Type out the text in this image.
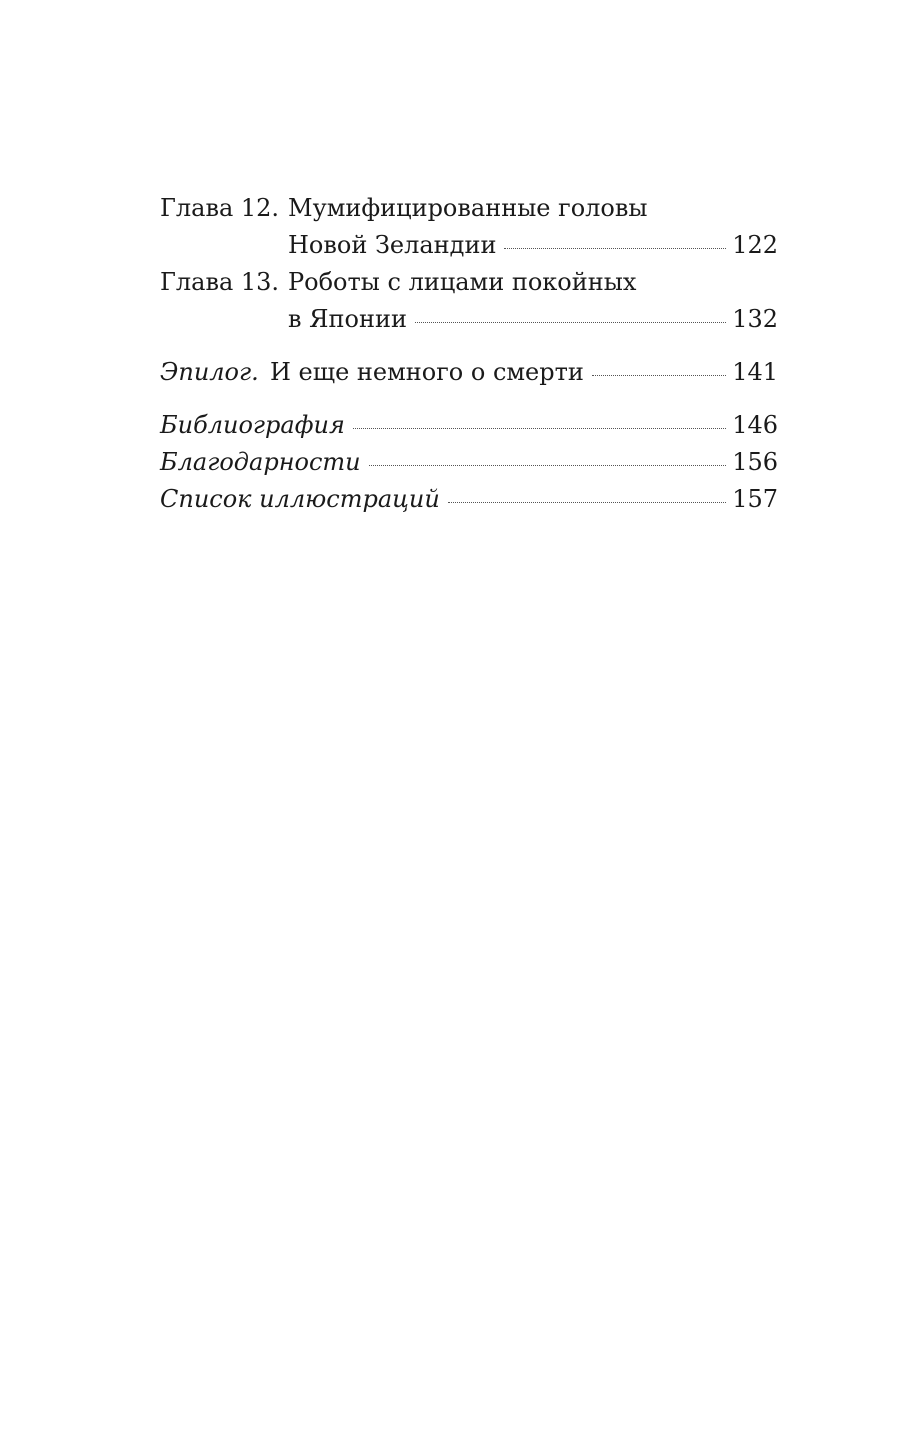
Глава 12. Мумифицированные головы
Новой Зеландии	122
Глава 13. Роботы с лицами покойных
в Японии	132
Эпилог. И еще немного о смерти	141
Библиография	146
Благодарности	156
Список иллюстраций	157
